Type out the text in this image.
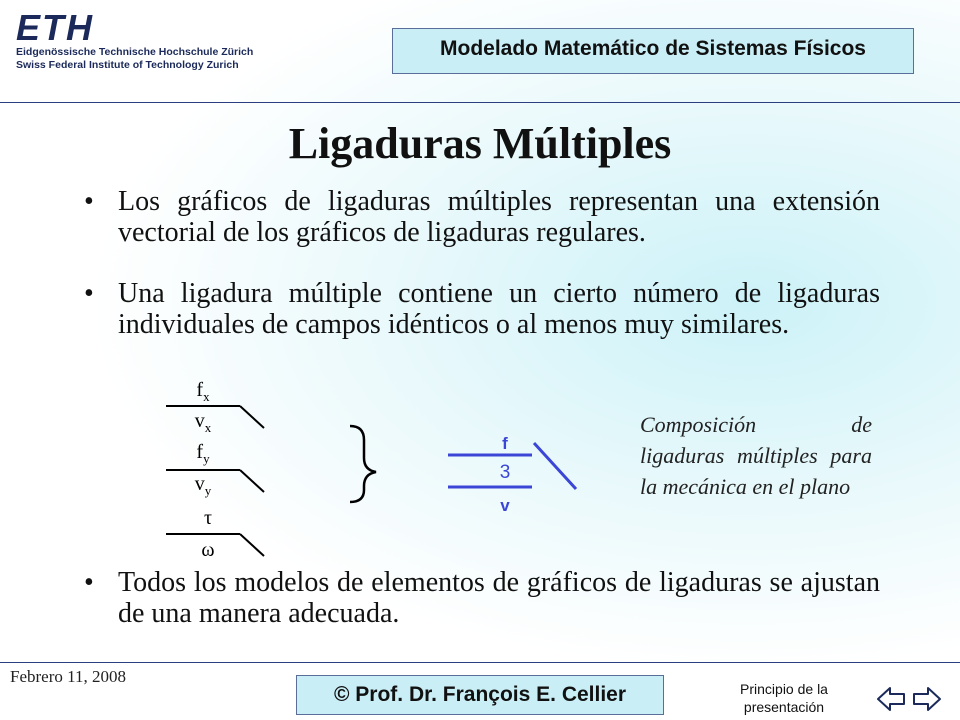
ETH
Eidgenössische Technische Hochschule Zürich
Swiss Federal Institute of Technology Zurich
Modelado Matemático de Sistemas Físicos
Ligaduras Múltiples
• Los gráficos de ligaduras múltiples representan una extensión vectorial de los gráficos de ligaduras regulares.
• Una ligadura múltiple contiene un cierto número de ligaduras individuales de campos idénticos o al menos muy similares.
$f_x$
$v_x$
$f_y$
$v_y$
τ
ω
f
3
v
Composición de ligaduras múltiples para la mecánica en el plano
• Todos los modelos de elementos de gráficos de ligaduras se ajustan de una manera adecuada.
Febrero 11, 2008
© Prof. Dr. François E. Cellier	Principio de la presentación
